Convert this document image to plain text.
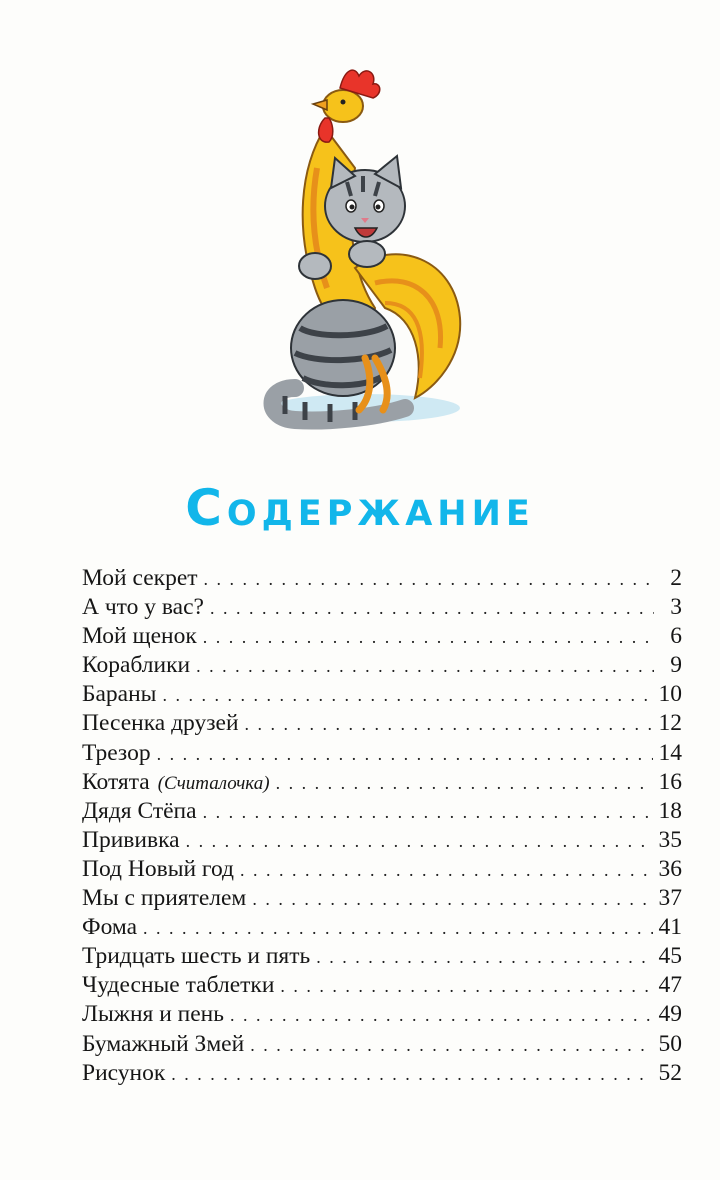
Содержание
Мой секрет . . .	2
А что у вас? . . .	3
Мой щенок . . .	6
Кораблики . . .	9
Бараны . . .	10
Песенка друзей . . .	12
Трезор . . .	14
Котята (Считалочка) . . .	16
Дядя Стёпа . . .	18
Прививка . . .	35
Под Новый год . . .	36
Мы с приятелем . . .	37
Фома . . .	41
Тридцать шесть и пять . . .	45
Чудесные таблетки . . .	47
Лыжня и пень . . .	49
Бумажный Змей . . .	50
Рисунок . . .	52
